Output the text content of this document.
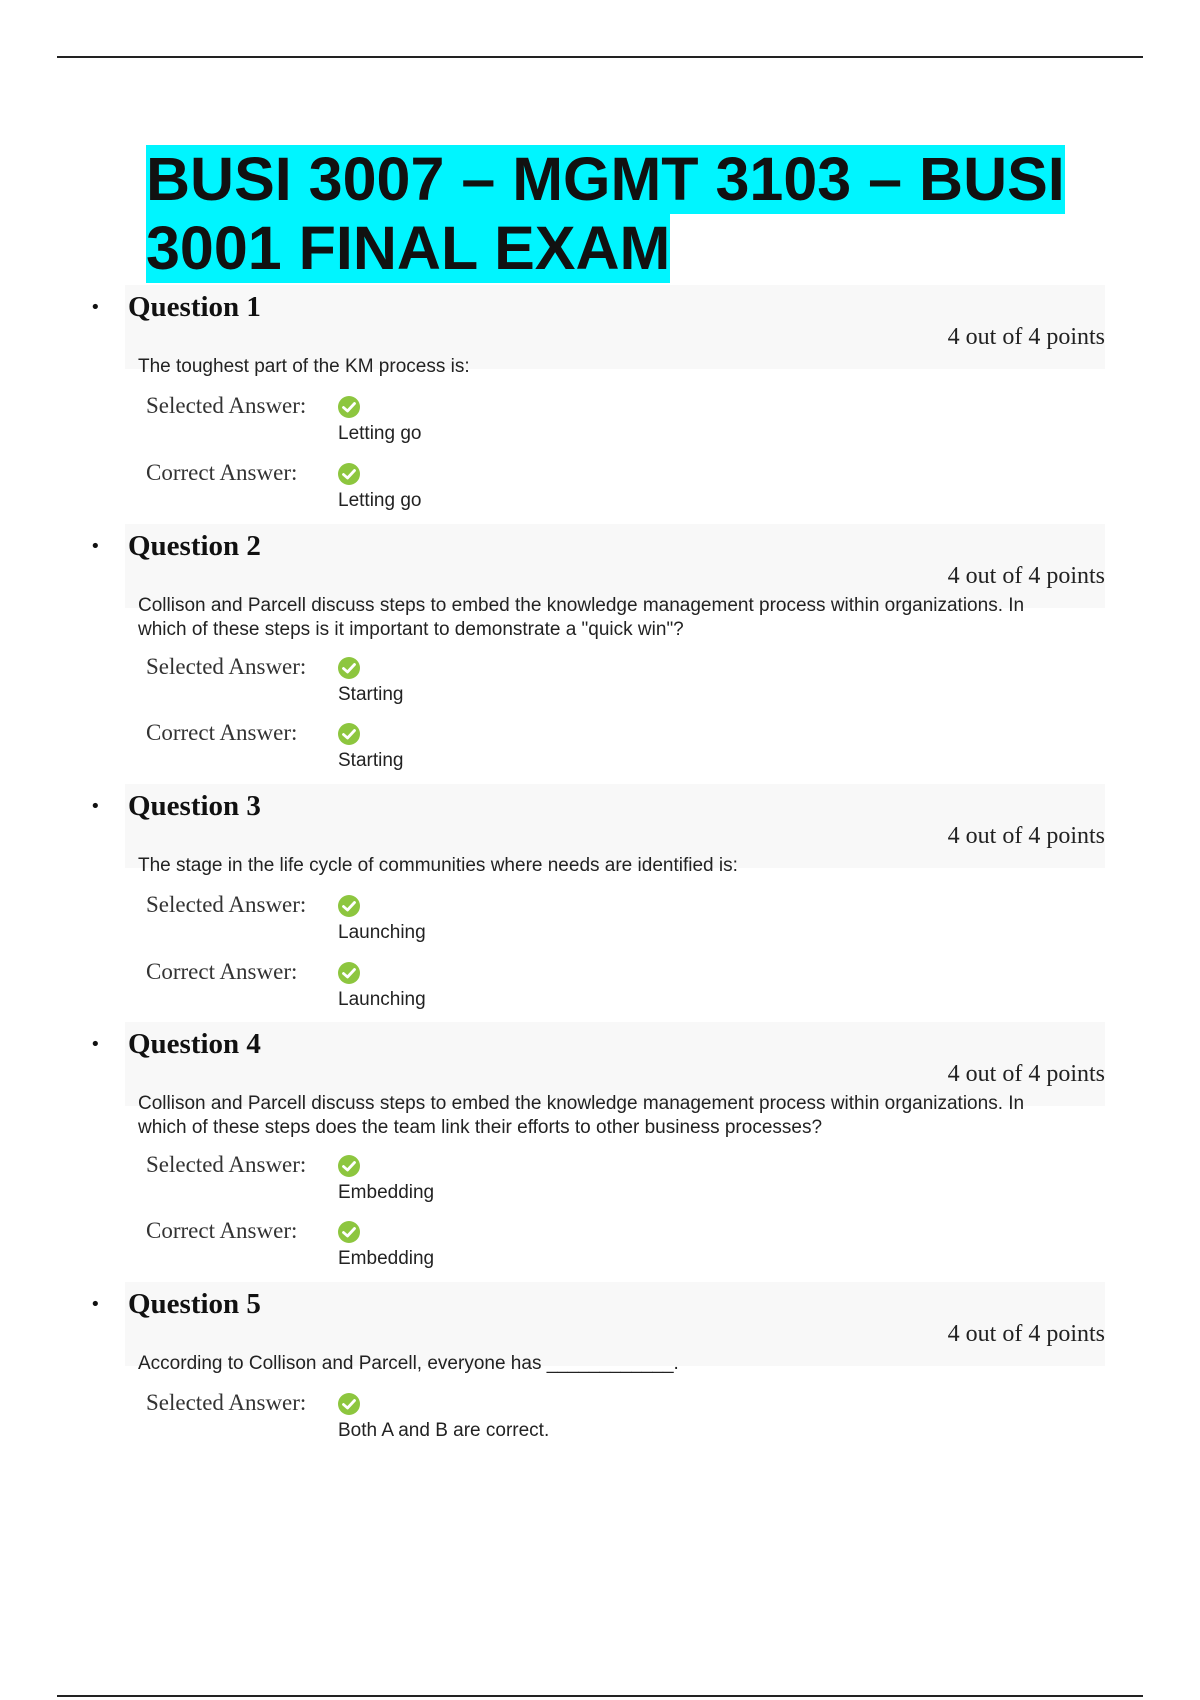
BUSI 3007 – MGMT 3103 – BUSI
3001 FINAL EXAM
• Question 1
4 out of 4 points
The toughest part of the KM process is:
Selected Answer:
Letting go
Correct Answer:
Letting go
• Question 2
4 out of 4 points
Collison and Parcell discuss steps to embed the knowledge management process within organizations. In which of these steps is it important to demonstrate a "quick win"?
Selected Answer:
Starting
Correct Answer:
Starting
• Question 3
4 out of 4 points
The stage in the life cycle of communities where needs are identified is:
Selected Answer:
Launching
Correct Answer:
Launching
• Question 4
4 out of 4 points
Collison and Parcell discuss steps to embed the knowledge management process within organizations. In which of these steps does the team link their efforts to other business processes?
Selected Answer:
Embedding
Correct Answer:
Embedding
• Question 5
4 out of 4 points
According to Collison and Parcell, everyone has ____________.
Selected Answer:
Both A and B are correct.
